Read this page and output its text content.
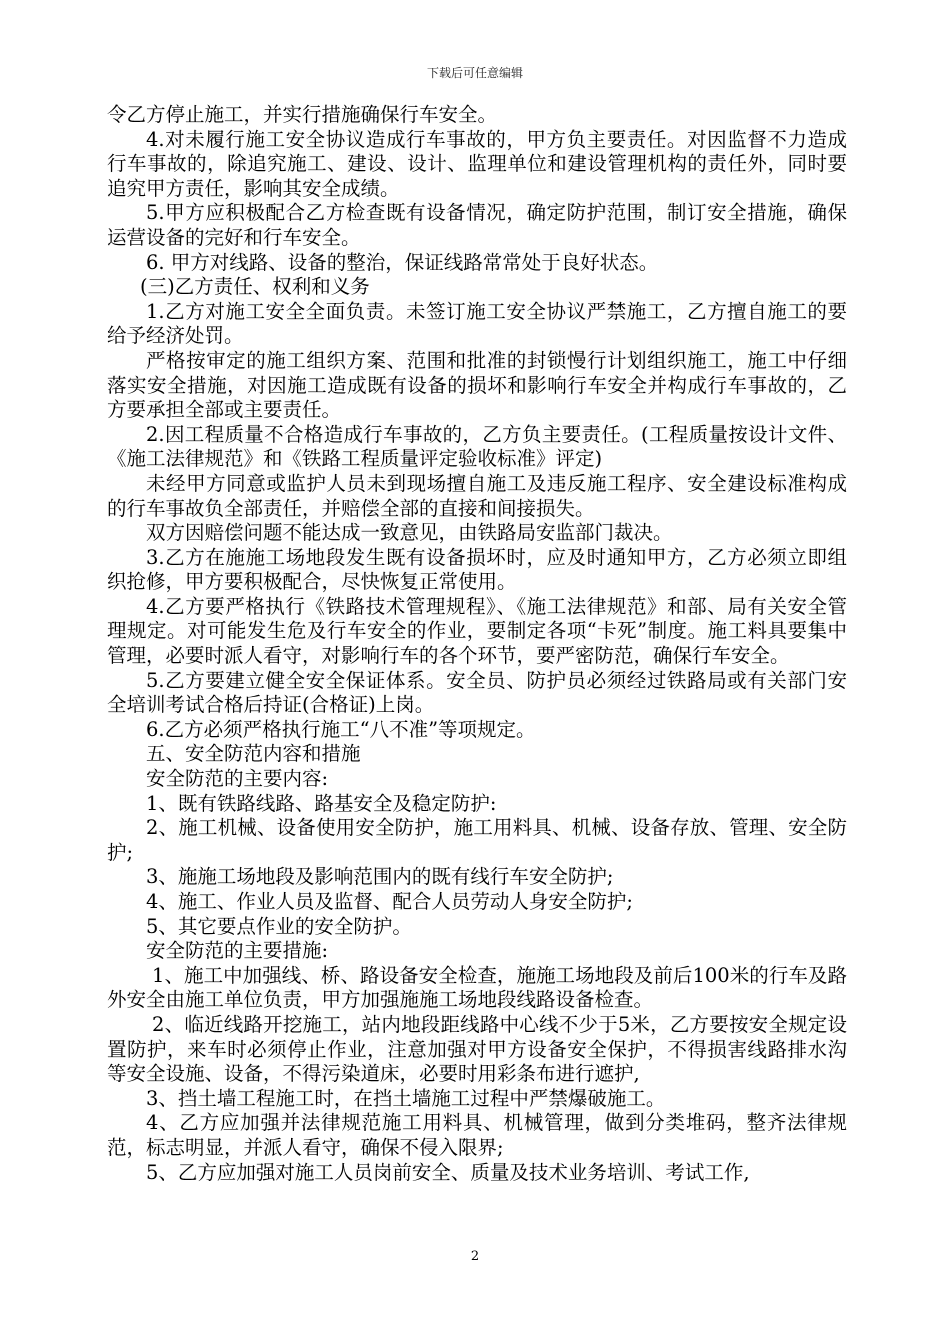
下载后可任意编辑

令乙方停止施工，并实行措施确保行车安全。

4.对未履行施工安全协议造成行车事故的，甲方负主要责任。对因监督不力造成行车事故的，除追究施工、建设、设计、监理单位和建设管理机构的责任外，同时要追究甲方责任，影响其安全成绩。

5.甲方应积极配合乙方检查既有设备情况，确定防护范围，制订安全措施，确保运营设备的完好和行车安全。

6. 甲方对线路、设备的整治，保证线路常常处于良好状态。

(三)乙方责任、权利和义务

1.乙方对施工安全全面负责。未签订施工安全协议严禁施工，乙方擅自施工的要给予经济处罚。

严格按审定的施工组织方案、范围和批准的封锁慢行计划组织施工，施工中仔细落实安全措施，对因施工造成既有设备的损坏和影响行车安全并构成行车事故的，乙方要承担全部或主要责任。

2.因工程质量不合格造成行车事故的，乙方负主要责任。(工程质量按设计文件、《施工法律规范》和《铁路工程质量评定验收标准》评定)

未经甲方同意或监护人员未到现场擅自施工及违反施工程序、安全建设标准构成的行车事故负全部责任，并赔偿全部的直接和间接损失。

双方因赔偿问题不能达成一致意见，由铁路局安监部门裁决。

3.乙方在施施工场地段发生既有设备损坏时，应及时通知甲方，乙方必须立即组织抢修，甲方要积极配合，尽快恢复正常使用。

4.乙方要严格执行《铁路技术管理规程》、《施工法律规范》和部、局有关安全管理规定。对可能发生危及行车安全的作业，要制定各项“卡死”制度。施工料具要集中管理，必要时派人看守，对影响行车的各个环节，要严密防范，确保行车安全。

5.乙方要建立健全安全保证体系。安全员、防护员必须经过铁路局或有关部门安全培训考试合格后持证(合格证)上岗。

6.乙方必须严格执行施工“八不准”等项规定。

五、安全防范内容和措施

安全防范的主要内容:

1、既有铁路线路、路基安全及稳定防护:

2、施工机械、设备使用安全防护，施工用料具、机械、设备存放、管理、安全防护;

3、施施工场地段及影响范围内的既有线行车安全防护;

4、施工、作业人员及监督、配合人员劳动人身安全防护;

5、其它要点作业的安全防护。

安全防范的主要措施:

1、施工中加强线、桥、路设备安全检查，施施工场地段及前后100米的行车及路外安全由施工单位负责，甲方加强施施工场地段线路设备检查。

2、临近线路开挖施工，站内地段距线路中心线不少于5米，乙方要按安全规定设置防护，来车时必须停止作业，注意加强对甲方设备安全保护，不得损害线路排水沟等安全设施、设备，不得污染道床，必要时用彩条布进行遮护,

3、挡土墙工程施工时，在挡土墙施工过程中严禁爆破施工。

4、乙方应加强并法律规范施工用料具、机械管理，做到分类堆码，整齐法律规范，标志明显，并派人看守，确保不侵入限界;

5、乙方应加强对施工人员岗前安全、质量及技术业务培训、考试工作,

2
